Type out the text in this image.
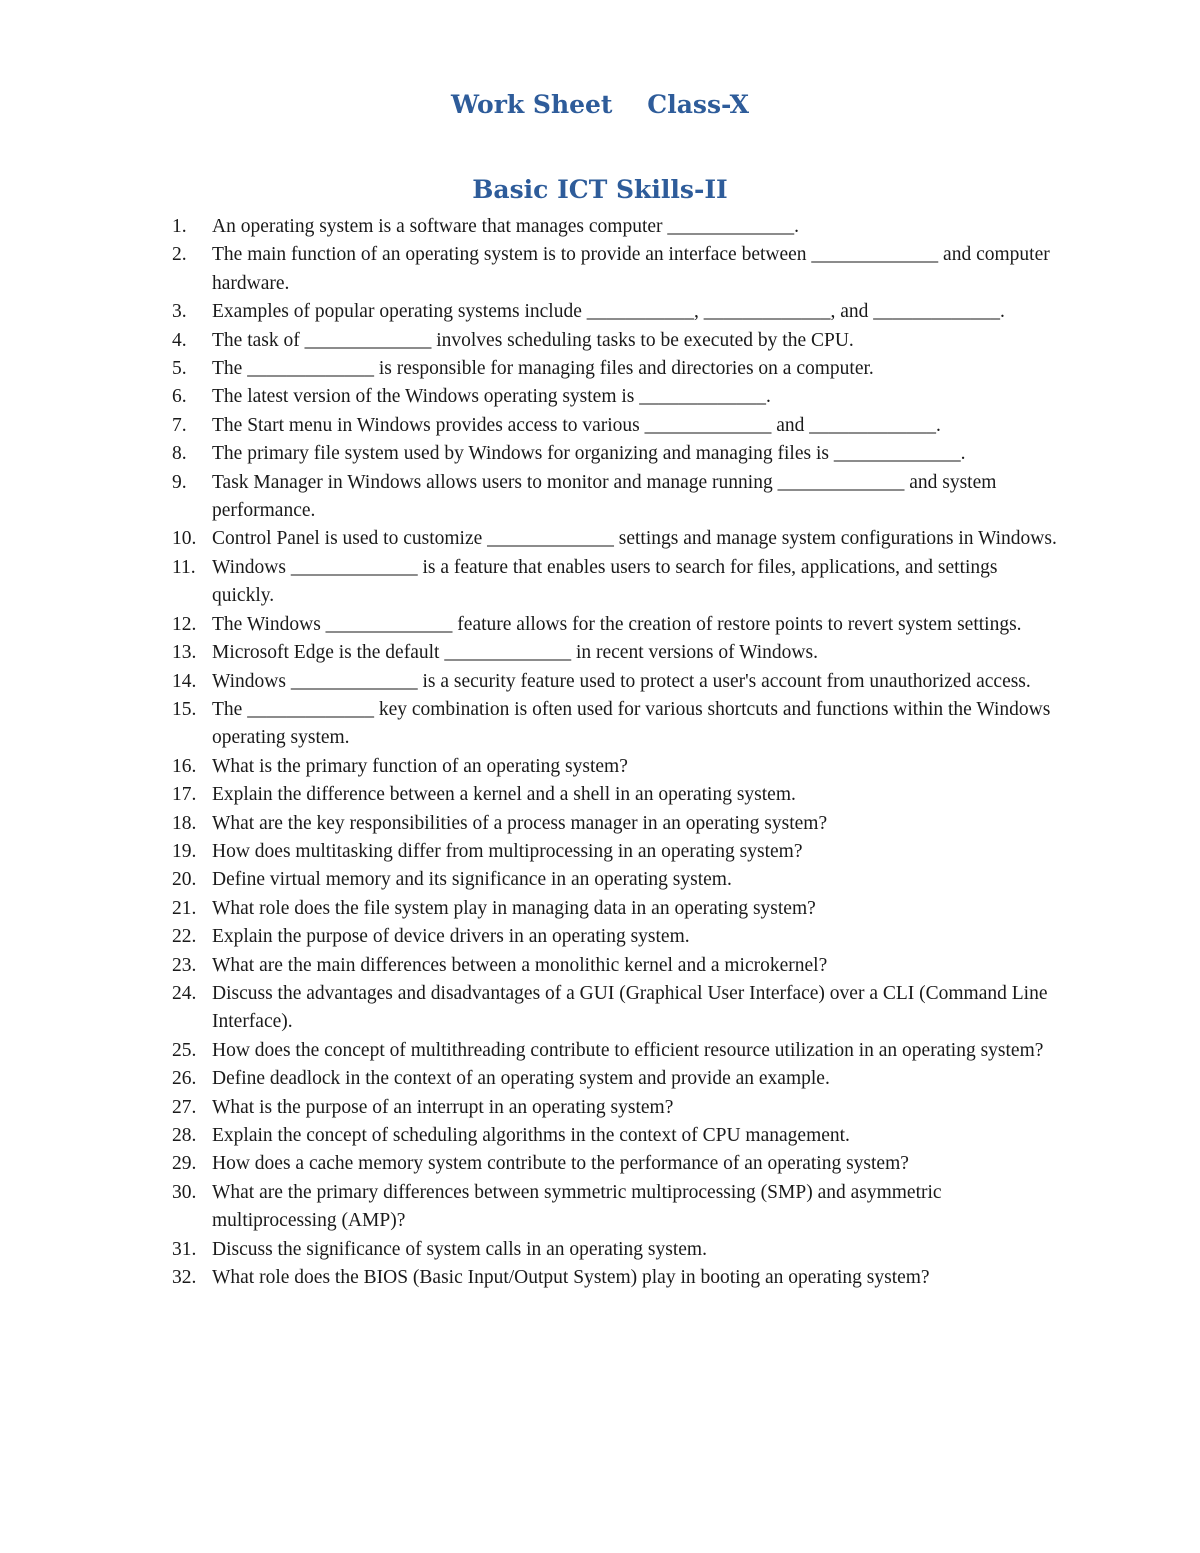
Work Sheet    Class-X
Basic ICT Skills-II
1.	An operating system is a software that manages computer _____________.
2.	The main function of an operating system is to provide an interface between _____________ and computer hardware.
3.	Examples of popular operating systems include ___________, _____________, and _____________.
4.	The task of _____________ involves scheduling tasks to be executed by the CPU.
5.	The _____________ is responsible for managing files and directories on a computer.
6.	The latest version of the Windows operating system is _____________.
7.	The Start menu in Windows provides access to various _____________ and _____________.
8.	The primary file system used by Windows for organizing and managing files is _____________.
9.	Task Manager in Windows allows users to monitor and manage running _____________ and system performance.
10. Control Panel is used to customize _____________ settings and manage system configurations in Windows.
11. Windows _____________ is a feature that enables users to search for files, applications, and settings quickly.
12. The Windows _____________ feature allows for the creation of restore points to revert system settings.
13. Microsoft Edge is the default _____________ in recent versions of Windows.
14. Windows _____________ is a security feature used to protect a user's account from unauthorized access.
15. The _____________ key combination is often used for various shortcuts and functions within the Windows operating system.
16. What is the primary function of an operating system?
17. Explain the difference between a kernel and a shell in an operating system.
18. What are the key responsibilities of a process manager in an operating system?
19. How does multitasking differ from multiprocessing in an operating system?
20. Define virtual memory and its significance in an operating system.
21. What role does the file system play in managing data in an operating system?
22. Explain the purpose of device drivers in an operating system.
23. What are the main differences between a monolithic kernel and a microkernel?
24. Discuss the advantages and disadvantages of a GUI (Graphical User Interface) over a CLI (Command Line Interface).
25. How does the concept of multithreading contribute to efficient resource utilization in an operating system?
26. Define deadlock in the context of an operating system and provide an example.
27. What is the purpose of an interrupt in an operating system?
28. Explain the concept of scheduling algorithms in the context of CPU management.
29. How does a cache memory system contribute to the performance of an operating system?
30. What are the primary differences between symmetric multiprocessing (SMP) and asymmetric multiprocessing (AMP)?
31. Discuss the significance of system calls in an operating system.
32. What role does the BIOS (Basic Input/Output System) play in booting an operating system?
